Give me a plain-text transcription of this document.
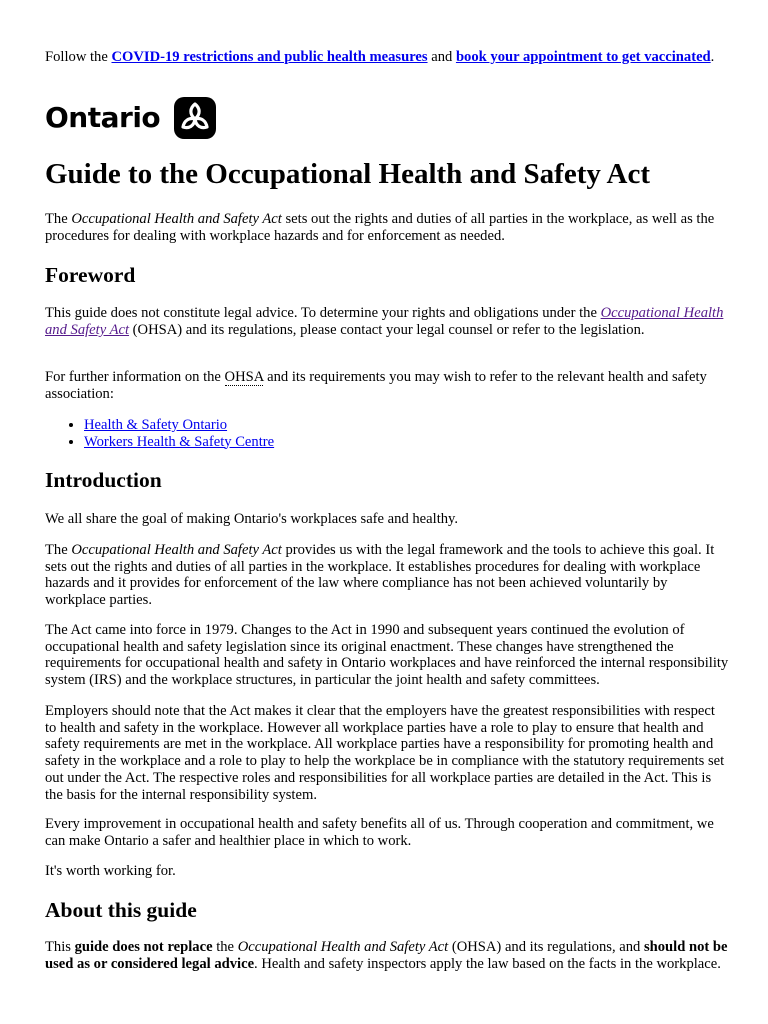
Follow the COVID-19 restrictions and public health measures and book your appointment to get vaccinated.

Ontario
Guide to the Occupational Health and Safety Act

The Occupational Health and Safety Act sets out the rights and duties of all parties in the workplace, as well as the procedures for dealing with workplace hazards and for enforcement as needed.

Foreword

This guide does not constitute legal advice. To determine your rights and obligations under the Occupational Health and Safety Act (OHSA) and its regulations, please contact your legal counsel or refer to the legislation.

For further information on the OHSA and its requirements you may wish to refer to the relevant health and safety association:

• Health & Safety Ontario
• Workers Health & Safety Centre
Introduction

We all share the goal of making Ontario's workplaces safe and healthy.

The Occupational Health and Safety Act provides us with the legal framework and the tools to achieve this goal. It sets out the rights and duties of all parties in the workplace. It establishes procedures for dealing with workplace hazards and it provides for enforcement of the law where compliance has not been achieved voluntarily by workplace parties.

The Act came into force in 1979. Changes to the Act in 1990 and subsequent years continued the evolution of occupational health and safety legislation since its original enactment. These changes have strengthened the requirements for occupational health and safety in Ontario workplaces and have reinforced the internal responsibility system (IRS) and the workplace structures, in particular the joint health and safety committees.

Employers should note that the Act makes it clear that the employers have the greatest responsibilities with respect to health and safety in the workplace. However all workplace parties have a role to play to ensure that health and safety requirements are met in the workplace. All workplace parties have a responsibility for promoting health and safety in the workplace and a role to play to help the workplace be in compliance with the statutory requirements set out under the Act. The respective roles and responsibilities for all workplace parties are detailed in the Act. This is the basis for the internal responsibility system.

Every improvement in occupational health and safety benefits all of us. Through cooperation and commitment, we can make Ontario a safer and healthier place in which to work.

It's worth working for.

About this guide

This guide does not replace the Occupational Health and Safety Act (OHSA) and its regulations, and should not be used as or considered legal advice. Health and safety inspectors apply the law based on the facts in the workplace.
